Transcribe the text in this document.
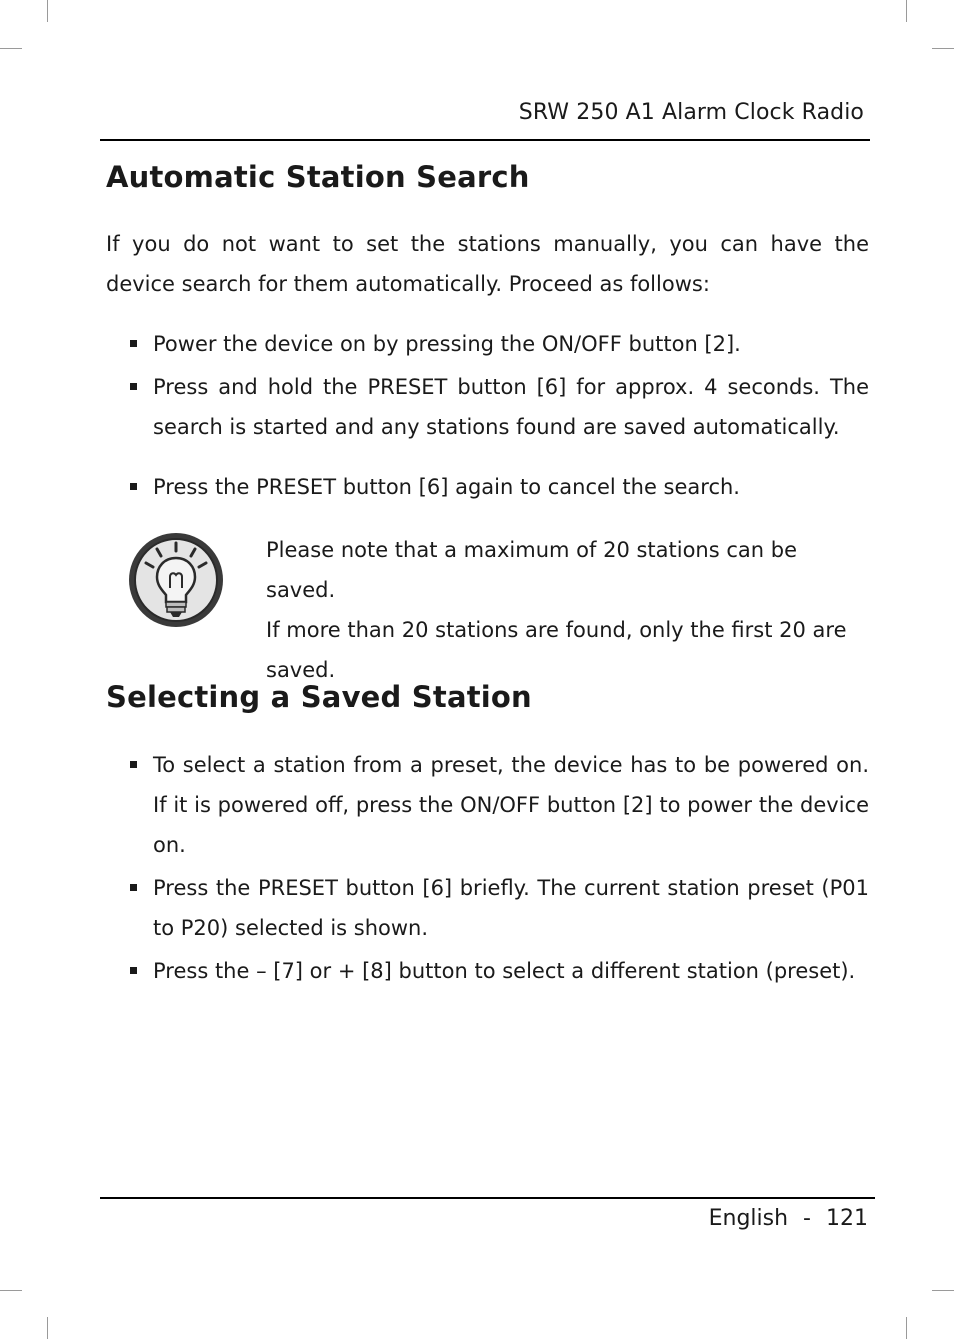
SRW 250 A1 Alarm Clock Radio
Automatic Station Search

If you do not want to set the stations manually, you can have the device search for them automatically. Proceed as follows:

Power the device on by pressing the ON/OFF button [2].
Press and hold the PRESET button [6] for approx. 4 seconds. The search is started and any stations found are saved automatically.
Press the PRESET button [6] again to cancel the search.
Please note that a maximum of 20 stations can be saved.
If more than 20 stations are found, only the first 20 are
saved.
Selecting a Saved Station
To select a station from a preset, the device has to be powered on. If it is powered off, press the ON/OFF button [2] to power the device on.
Press the PRESET button [6] briefly. The current station preset (P01 to P20) selected is shown.
Press the – [7] or + [8] button to select a different station (preset).
English - 121
